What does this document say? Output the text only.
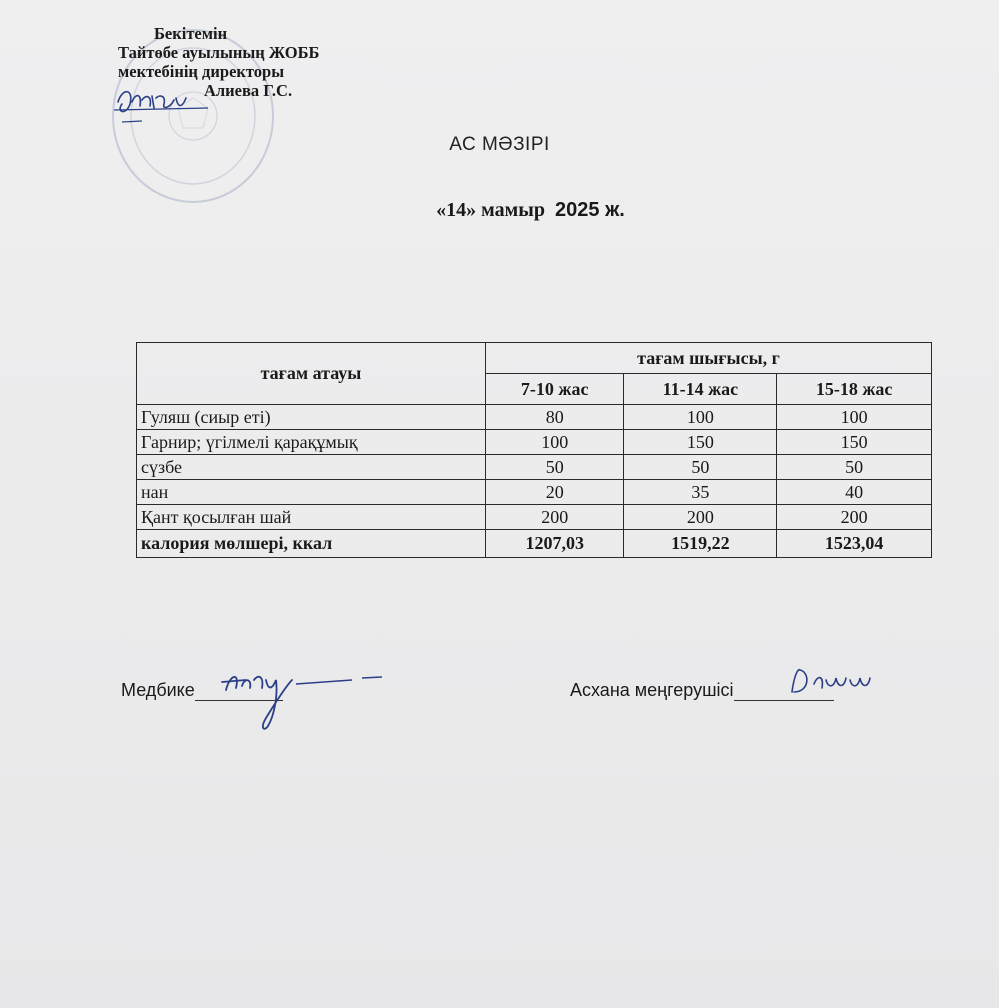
Бекітемін
Тайтөбе ауылының ЖОББ
мектебінің директоры
Алиева Г.С.
АС МӘЗІРІ
«14» мамыр 2025 ж.
тағам атауы	тағам шығысы, г		
	7-10 жас	11-14 жас	15-18 жас
Гуляш (сиыр еті)	80	100	100
Гарнир; үгілмелі қарақұмық	100	150	150
сүзбе	50	50	50
нан	20	35	40
Қант қосылған шай	200	200	200
калория мөлшері, ккал	1207,03	1519,22	1523,04
Медбике	Асхана меңгерушісі
